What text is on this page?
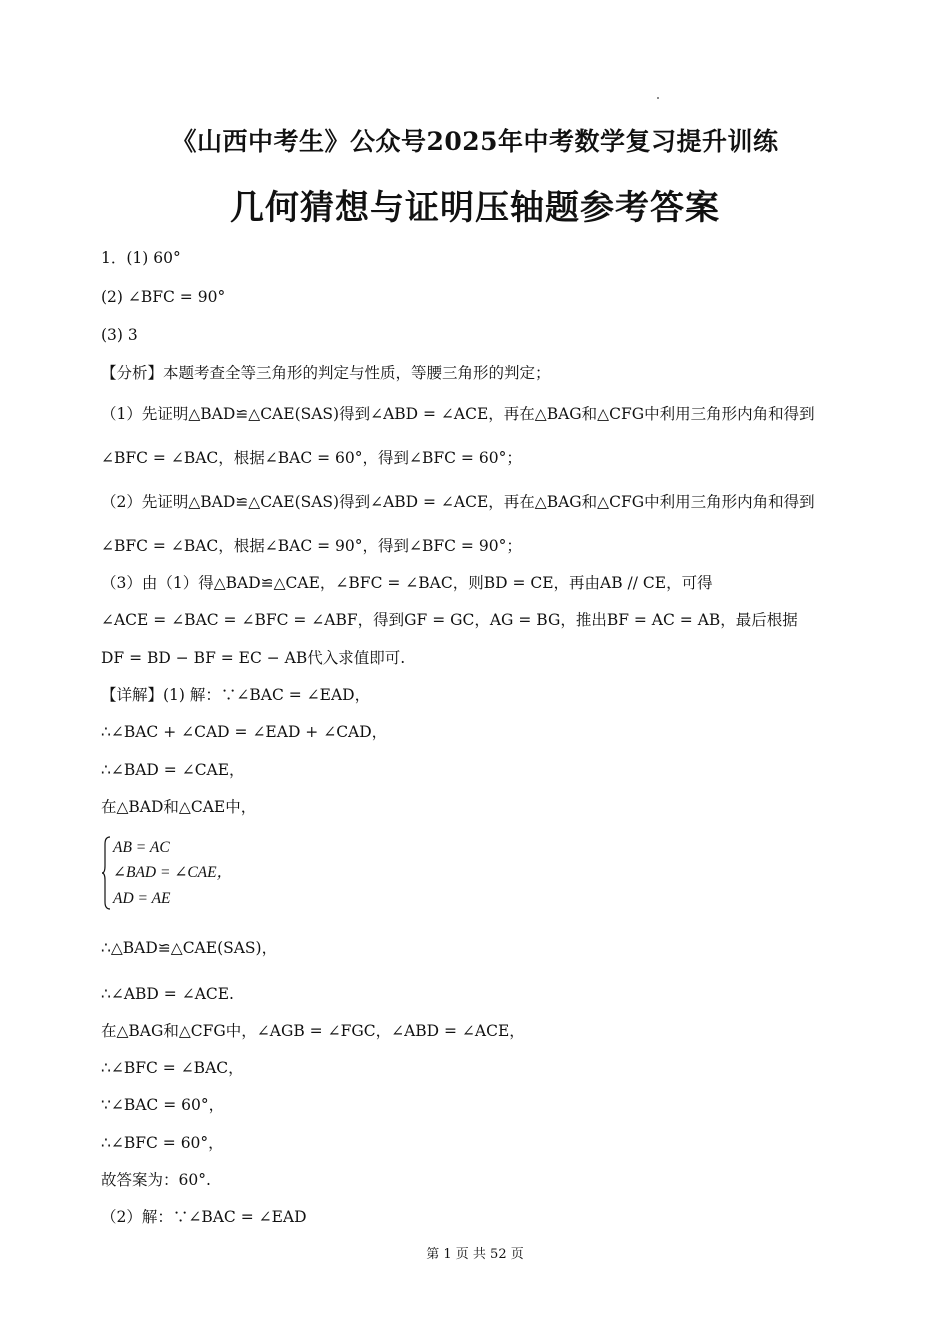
《山西中考生》公众号2025年中考数学复习提升训练
几何猜想与证明压轴题参考答案
1．(1) 60°
(2) ∠BFC = 90°
(3) 3
【分析】本题考查全等三角形的判定与性质，等腰三角形的判定；
（1）先证明△BAD≌△CAE(SAS)得到∠ABD = ∠ACE，再在△BAG和△CFG中利用三角形内角和得到
∠BFC = ∠BAC，根据∠BAC = 60°，得到∠BFC = 60°；
（2）先证明△BAD≌△CAE(SAS)得到∠ABD = ∠ACE，再在△BAG和△CFG中利用三角形内角和得到
∠BFC = ∠BAC，根据∠BAC = 90°，得到∠BFC = 90°；
（3）由（1）得△BAD≌△CAE，∠BFC = ∠BAC，则BD = CE，再由AB // CE，可得
∠ACE = ∠BAC = ∠BFC = ∠ABF，得到GF = GC，AG = BG，推出BF = AC = AB，最后根据
DF = BD − BF = EC − AB代入求值即可.
【详解】(1) 解：∵∠BAC = ∠EAD，
∴∠BAC + ∠CAD = ∠EAD + ∠CAD，
∴∠BAD = ∠CAE，
在△BAD和△CAE中，
AB = AC
∠BAD = ∠CAE，
AD = AE
∴△BAD≌△CAE(SAS)，
∴∠ABD = ∠ACE.
在△BAG和△CFG中，∠AGB = ∠FGC，∠ABD = ∠ACE，
∴∠BFC = ∠BAC，
∵∠BAC = 60°，
∴∠BFC = 60°，
故答案为：60°.
（2）解：∵∠BAC = ∠EAD
第 1 页 共 52 页
